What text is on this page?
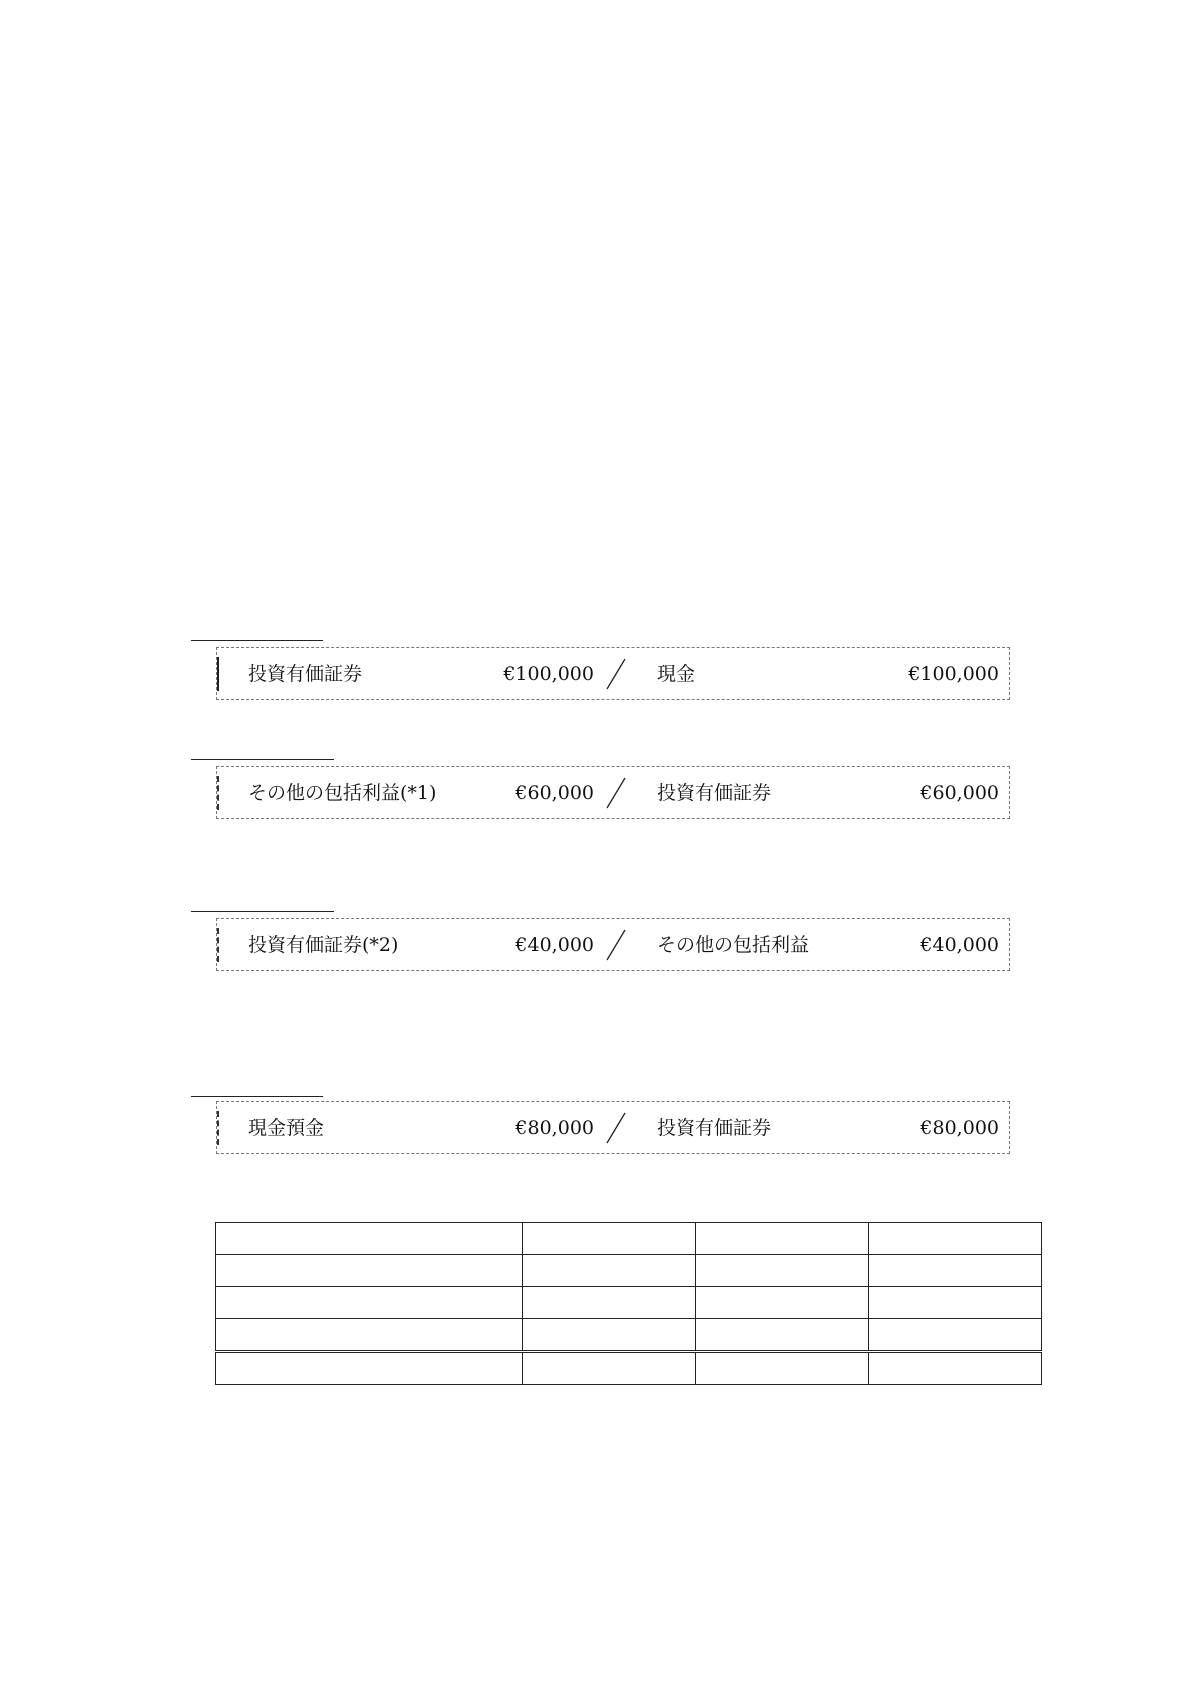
投資有価証券	€100,000	現金	€100,000
その他の包括利益(*1)	€60,000	投資有価証券	€60,000
投資有価証券(*2)	€40,000	その他の包括利益	€40,000
現金預金	€80,000	投資有価証券	€80,000
